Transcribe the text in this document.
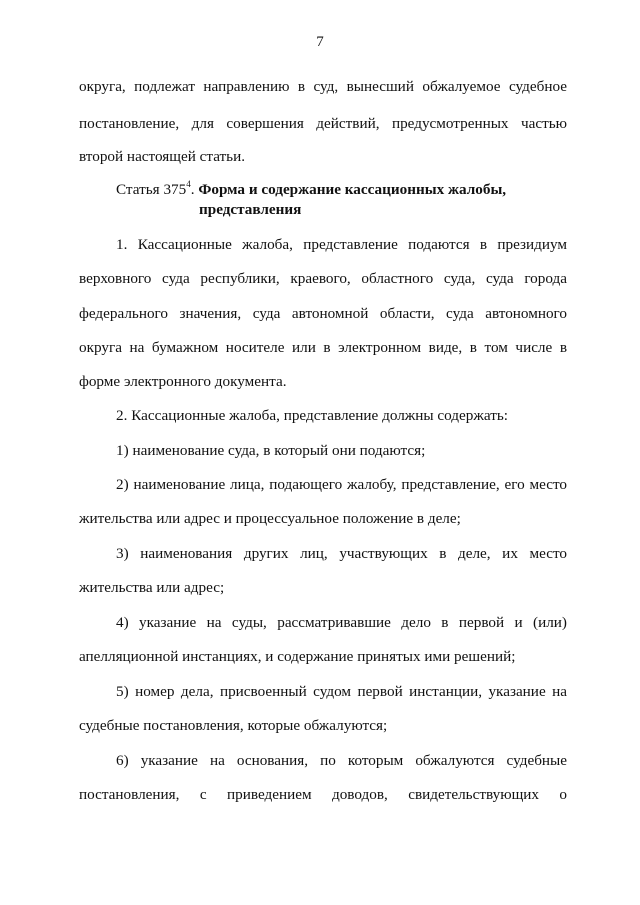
7
округа, подлежат направлению в суд, вынесший обжалуемое судебное
постановление, для совершения действий, предусмотренных частью
второй настоящей статьи.
Статья $375^4$. Форма и содержание кассационных жалобы,
представления
1. Кассационные жалоба, представление подаются в президиум
верховного суда республики, краевого, областного суда, суда города
федерального значения, суда автономной области, суда автономного
округа на бумажном носителе или в электронном виде, в том числе в
форме электронного документа.
2. Кассационные жалоба, представление должны содержать:
1) наименование суда, в который они подаются;
2) наименование лица, подающего жалобу, представление, его место
жительства или адрес и процессуальное положение в деле;
3) наименования других лиц, участвующих в деле, их место
жительства или адрес;
4) указание на суды, рассматривавшие дело в первой и (или)
апелляционной инстанциях, и содержание принятых ими решений;
5) номер дела, присвоенный судом первой инстанции, указание на
судебные постановления, которые обжалуются;
6) указание на основания, по которым обжалуются судебные
постановления, с приведением доводов, свидетельствующих о
